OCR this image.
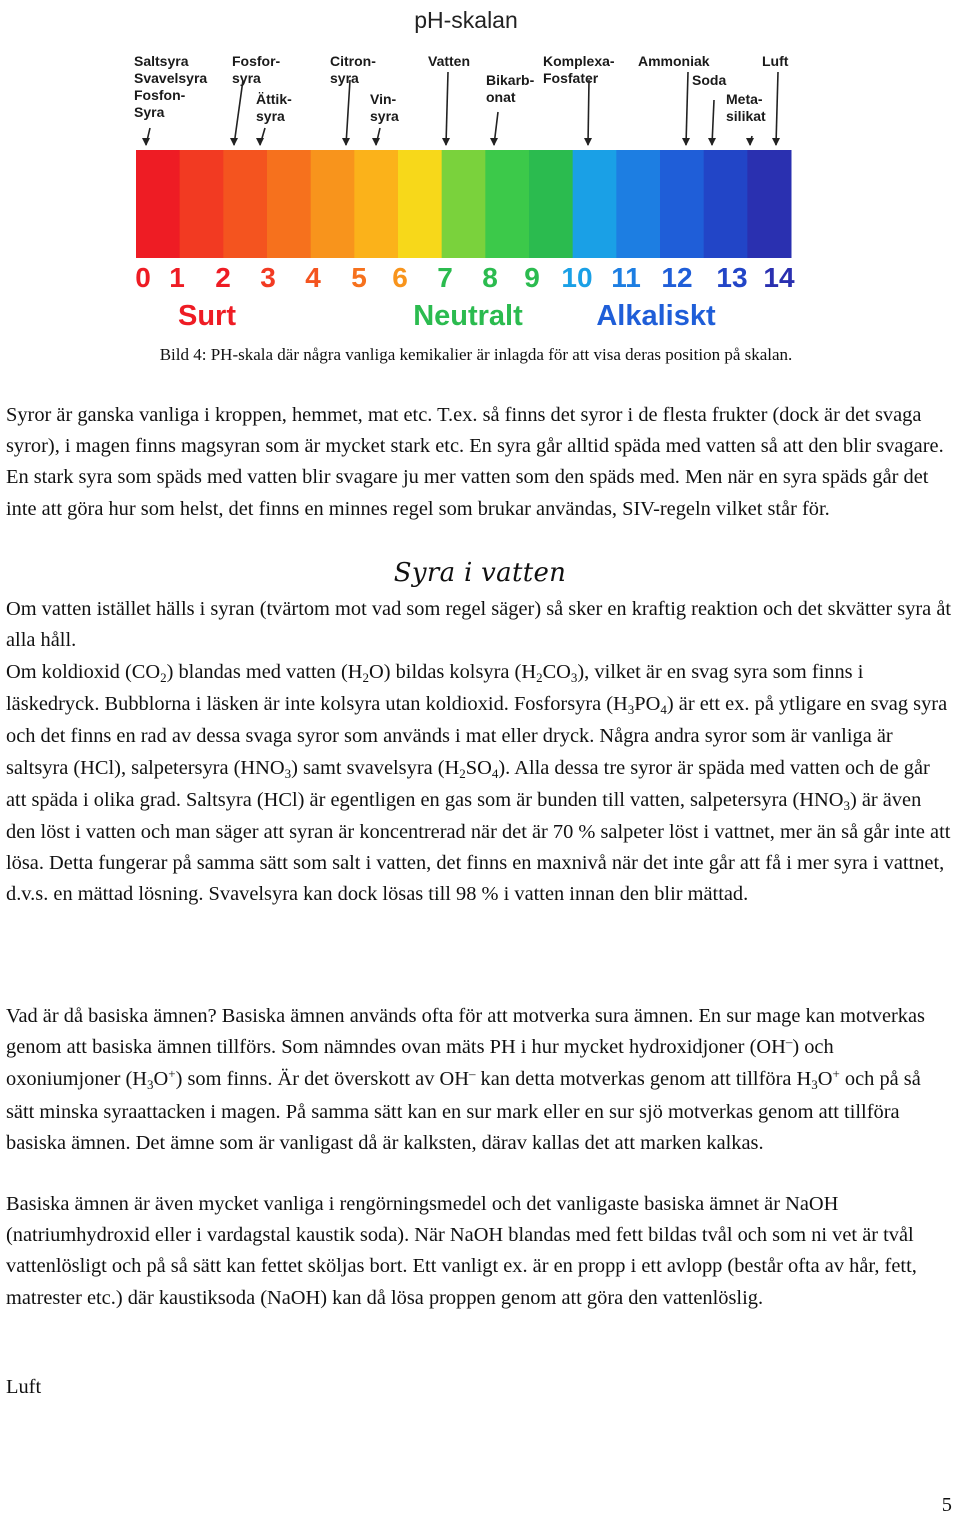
pH-skalan
Saltsyra
Svavelsyra
Fosfon-
Syra
Fosfor-
syra
Ättik-
syra
Citron-
syra
Vin-
syra
Vatten
Bikarb-
onat
Komplexa-
Fosfater
Ammoniak
Soda
Luft
Meta-
silikat
0 1 2 3 4 5 6 7 8 9 10 11 12 13 14
Surt	Neutralt	Alkaliskt
Bild 4: PH-skala där några vanliga kemikalier är inlagda för att visa deras position på skalan.

Syror är ganska vanliga i kroppen, hemmet, mat etc. T.ex. så finns det syror i de flesta frukter (dock är det svaga syror), i magen finns magsyran som är mycket stark etc. En syra går alltid späda med vatten så att den blir svagare. En stark syra som späds med vatten blir svagare ju mer vatten som den späds med. Men när en syra späds går det inte att göra hur som helst, det finns en minnes regel som brukar användas, SIV-regeln vilket står för.

Syra i vatten

Om vatten istället hälls i syran (tvärtom mot vad som regel säger) så sker en kraftig reaktion och det skvätter syra åt alla håll.

Om koldioxid (CO2) blandas med vatten (H2O) bildas kolsyra (H2CO3), vilket är en svag syra som finns i läskedryck. Bubblorna i läsken är inte kolsyra utan koldioxid. Fosforsyra (H3PO4) är ett ex. på ytligare en svag syra och det finns en rad av dessa svaga syror som används i mat eller dryck. Några andra syror som är vanliga är saltsyra (HCl), salpetersyra (HNO3) samt svavelsyra (H2SO4). Alla dessa tre syror är späda med vatten och de går att späda i olika grad. Saltsyra (HCl) är egentligen en gas som är bunden till vatten, salpetersyra (HNO3) är även den löst i vatten och man säger att syran är koncentrerad när det är 70 % salpeter löst i vattnet, mer än så går inte att lösa. Detta fungerar på samma sätt som salt i vatten, det finns en maxnivå när det inte går att få i mer syra i vattnet, d.v.s. en mättad lösning. Svavelsyra kan dock lösas till 98 % i vatten innan den blir mättad.

Vad är då basiska ämnen? Basiska ämnen används ofta för att motverka sura ämnen. En sur mage kan motverkas genom att basiska ämnen tillförs. Som nämndes ovan mäts PH i hur mycket hydroxidjoner (OH–) och oxoniumjoner (H3O+) som finns. Är det överskott av OH– kan detta motverkas genom att tillföra H3O+ och på så sätt minska syraattacken i magen. På samma sätt kan en sur mark eller en sur sjö motverkas genom att tillföra basiska ämnen. Det ämne som är vanligast då är kalksten, därav kallas det att marken kalkas.

Basiska ämnen är även mycket vanliga i rengörningsmedel och det vanligaste basiska ämnet är NaOH (natriumhydroxid eller i vardagstal kaustik soda). När NaOH blandas med fett bildas tvål och som ni vet är tvål vattenlösligt och på så sätt kan fettet sköljas bort. Ett vanligt ex. är en propp i ett avlopp (består ofta av hår, fett, matrester etc.) där kaustiksoda (NaOH) kan då lösa proppen genom att göra den vattenlöslig.

Luft
5
